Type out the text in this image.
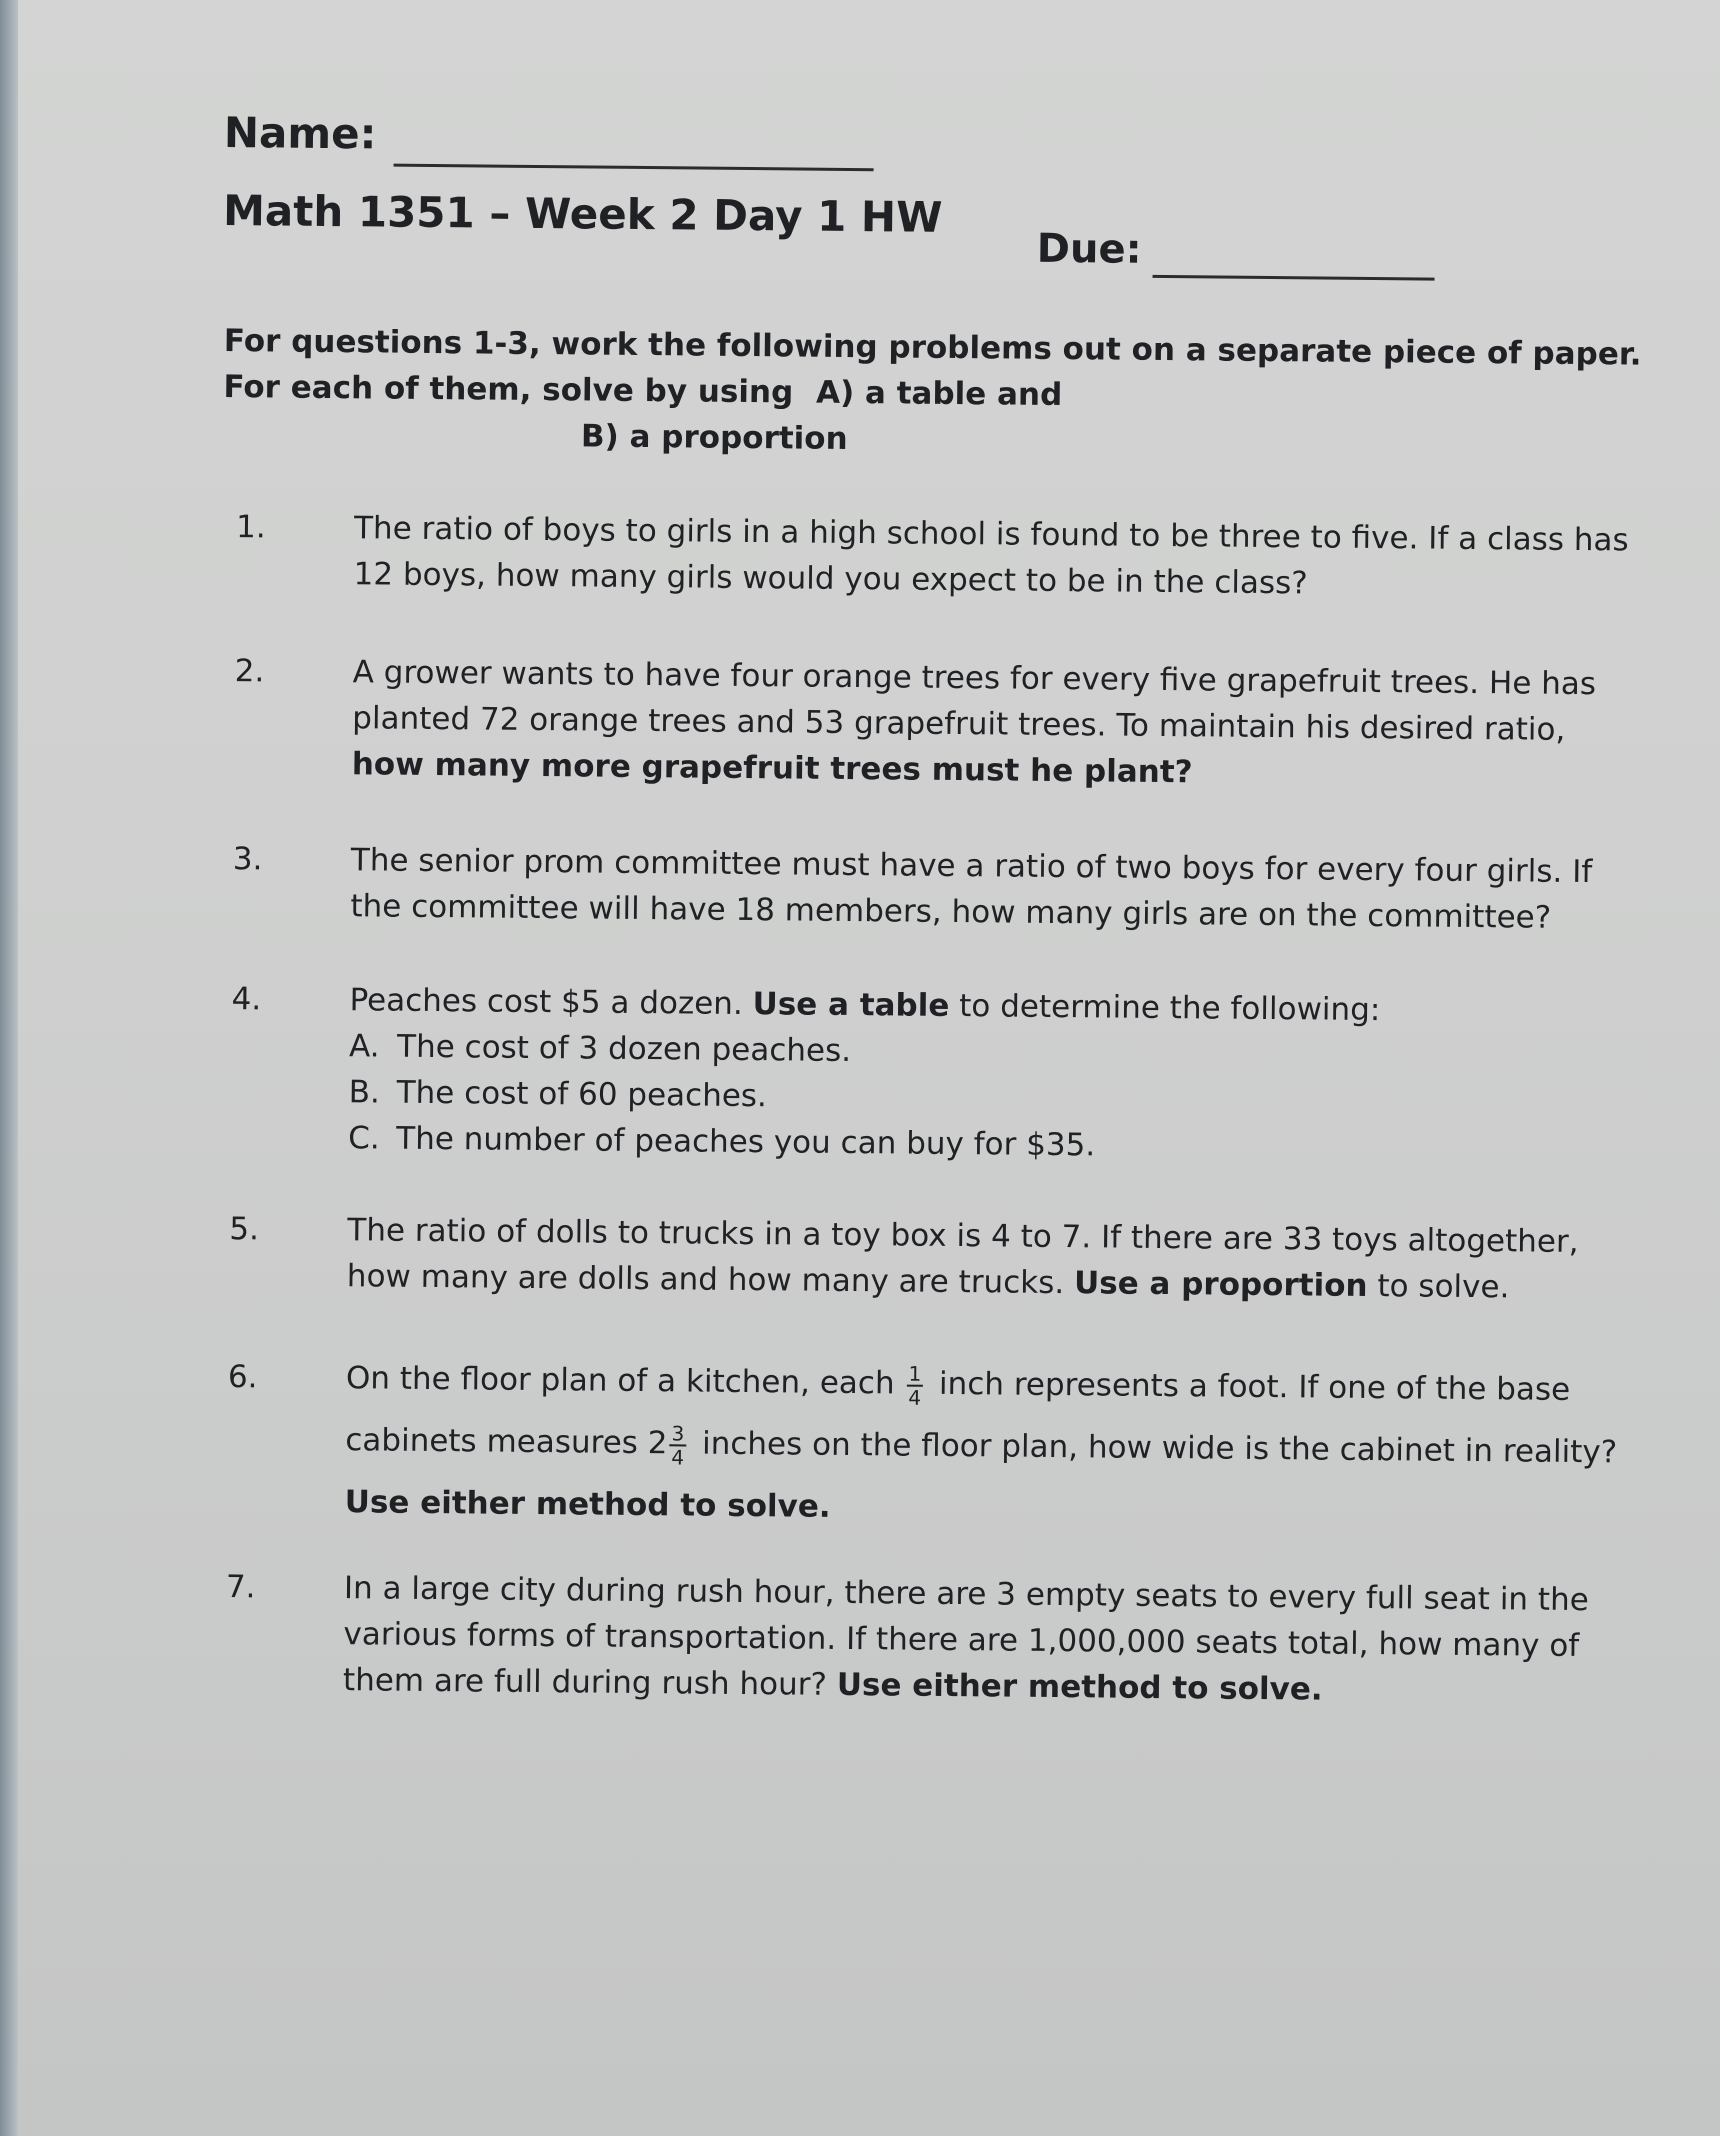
Name:
Math 1351 – Week 2 Day 1 HW
Due:
For questions 1-3, work the following problems out on a separate piece of paper. For each of them, solve by using A) a table and
B) a proportion
1.	The ratio of boys to girls in a high school is found to be three to five. If a class has 12 boys, how many girls would you expect to be in the class?
2.	A grower wants to have four orange trees for every five grapefruit trees. He has planted 72 orange trees and 53 grapefruit trees. To maintain his desired ratio, how many more grapefruit trees must he plant?
3.	The senior prom committee must have a ratio of two boys for every four girls. If the committee will have 18 members, how many girls are on the committee?
4.	Peaches cost $5 a dozen. Use a table to determine the following:
A. The cost of 3 dozen peaches.
B. The cost of 60 peaches.
C. The number of peaches you can buy for $35.
5.	The ratio of dolls to trucks in a toy box is 4 to 7. If there are 33 toys altogether, how many are dolls and how many are trucks. Use a proportion to solve.
6.	On the floor plan of a kitchen, each $\frac{1}{4}$ inch represents a foot. If one of the base cabinets measures $2 \frac{3}{4}$ inches on the floor plan, how wide is the cabinet in reality? Use either method to solve.
7.	In a large city during rush hour, there are 3 empty seats to every full seat in the various forms of transportation. If there are 1,000,000 seats total, how many of them are full during rush hour? Use either method to solve.
